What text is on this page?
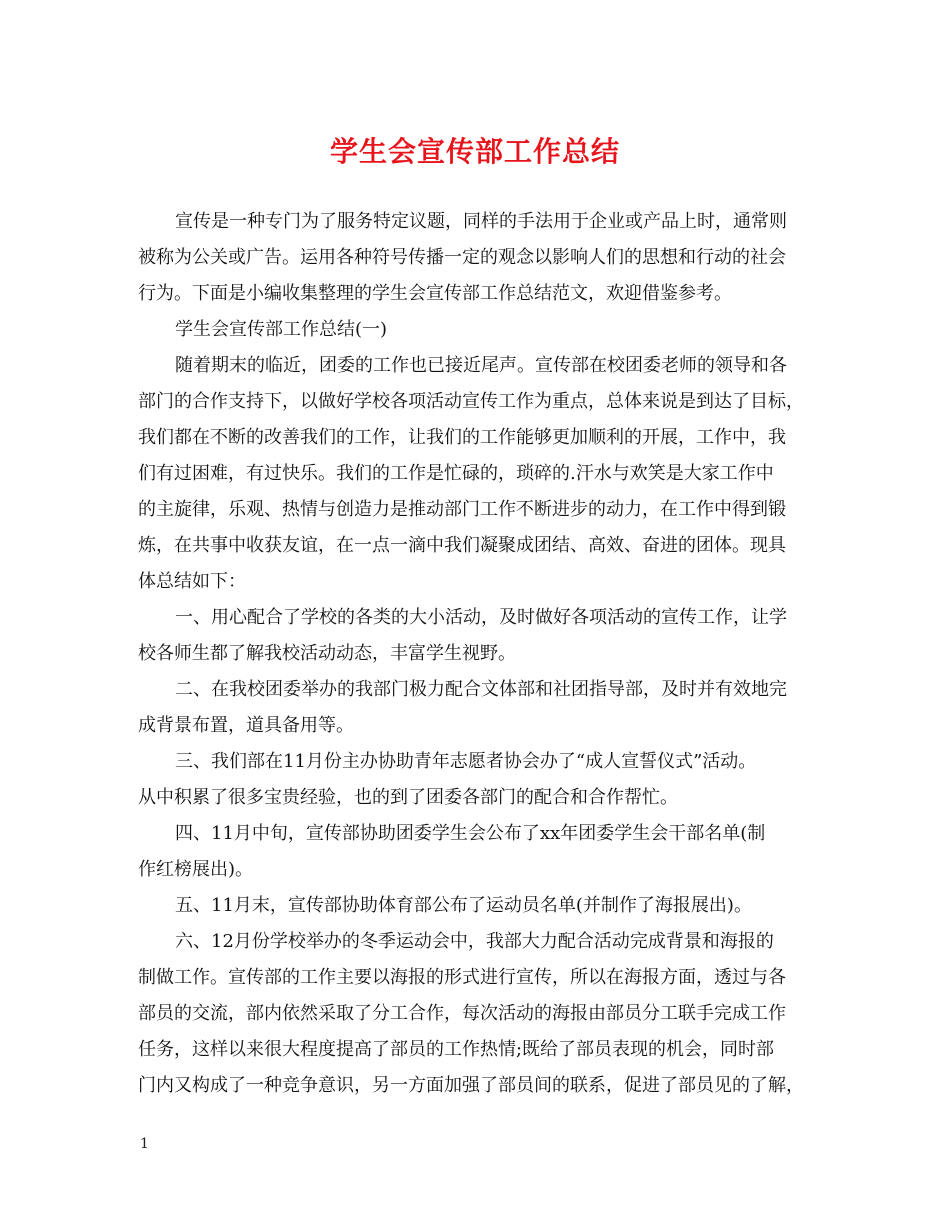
学生会宣传部工作总结
宣传是一种专门为了服务特定议题，同样的手法用于企业或产品上时，通常则
被称为公关或广告。运用各种符号传播一定的观念以影响人们的思想和行动的社会
行为。下面是小编收集整理的学生会宣传部工作总结范文，欢迎借鉴参考。
学生会宣传部工作总结(一)
随着期末的临近，团委的工作也已接近尾声。宣传部在校团委老师的领导和各
部门的合作支持下，以做好学校各项活动宣传工作为重点，总体来说是到达了目标，
我们都在不断的改善我们的工作，让我们的工作能够更加顺利的开展，工作中，我
们有过困难，有过快乐。我们的工作是忙碌的，琐碎的.汗水与欢笑是大家工作中
的主旋律，乐观、热情与创造力是推动部门工作不断进步的动力，在工作中得到锻
炼，在共事中收获友谊，在一点一滴中我们凝聚成团结、高效、奋进的团体。现具
体总结如下：
一、用心配合了学校的各类的大小活动，及时做好各项活动的宣传工作，让学
校各师生都了解我校活动动态，丰富学生视野。
二、在我校团委举办的我部门极力配合文体部和社团指导部，及时并有效地完
成背景布置，道具备用等。
三、我们部在11月份主办协助青年志愿者协会办了“成人宣誓仪式”活动。
从中积累了很多宝贵经验，也的到了团委各部门的配合和合作帮忙。
四、11月中旬，宣传部协助团委学生会公布了xx年团委学生会干部名单(制
作红榜展出)。
五、11月末，宣传部协助体育部公布了运动员名单(并制作了海报展出)。
六、12月份学校举办的冬季运动会中，我部大力配合活动完成背景和海报的
制做工作。宣传部的工作主要以海报的形式进行宣传，所以在海报方面，透过与各
部员的交流，部内依然采取了分工合作，每次活动的海报由部员分工联手完成工作
任务，这样以来很大程度提高了部员的工作热情;既给了部员表现的机会，同时部
门内又构成了一种竞争意识，另一方面加强了部员间的联系，促进了部员见的了解，
1
